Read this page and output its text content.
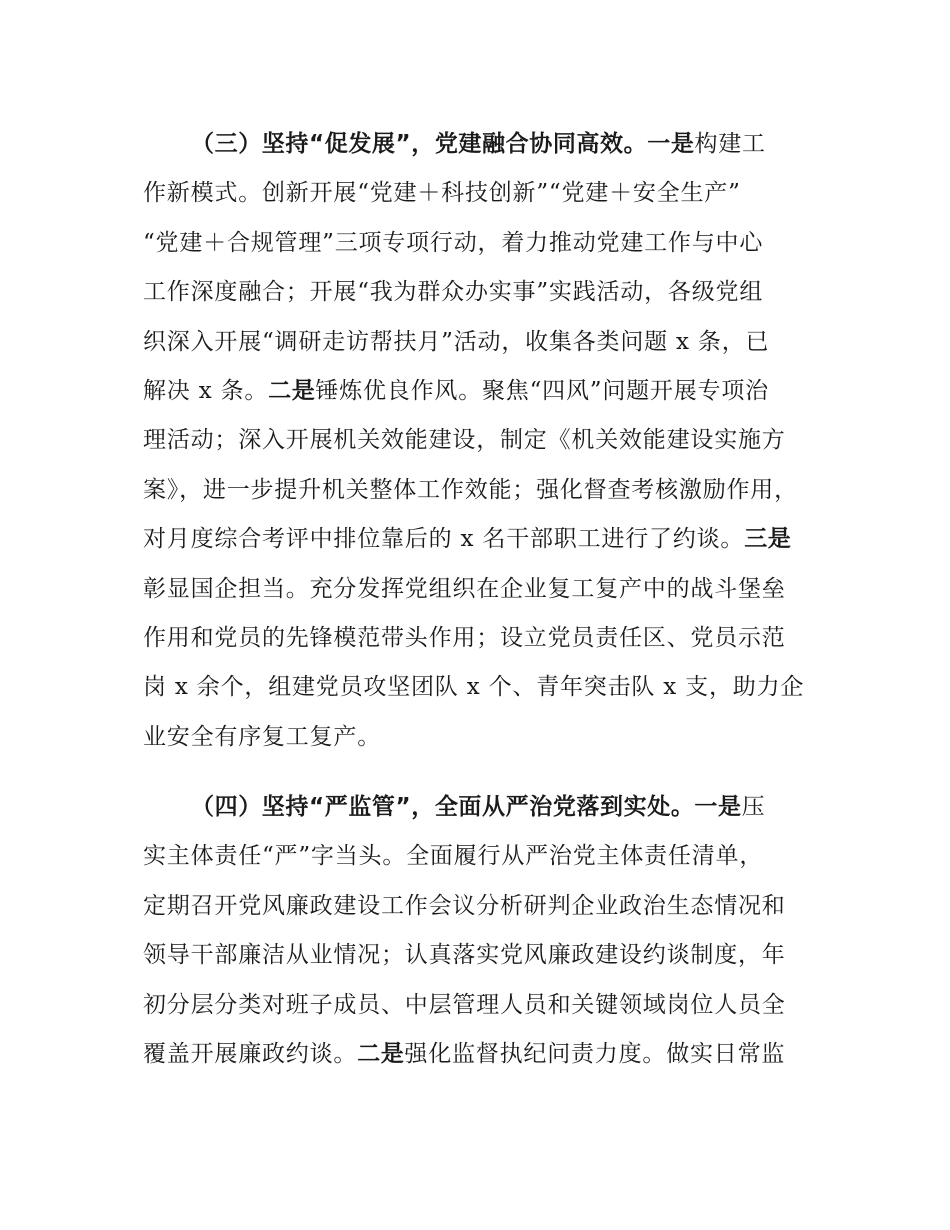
（三）坚持“促发展”，党建融合协同高效。一是构建工
作新模式。创新开展“党建＋科技创新”“党建＋安全生产”
“党建＋合规管理”三项专项行动，着力推动党建工作与中心
工作深度融合；开展“我为群众办实事”实践活动，各级党组
织深入开展“调研走访帮扶月”活动，收集各类问题 x 条，已
解决 x 条。二是锤炼优良作风。聚焦“四风”问题开展专项治
理活动；深入开展机关效能建设，制定《机关效能建设实施方
案》，进一步提升机关整体工作效能；强化督查考核激励作用，
对月度综合考评中排位靠后的 x 名干部职工进行了约谈。三是
彰显国企担当。充分发挥党组织在企业复工复产中的战斗堡垒
作用和党员的先锋模范带头作用；设立党员责任区、党员示范
岗 x 余个，组建党员攻坚团队 x 个、青年突击队 x 支，助力企
业安全有序复工复产。

（四）坚持“严监管”，全面从严治党落到实处。一是压
实主体责任“严”字当头。全面履行从严治党主体责任清单，
定期召开党风廉政建设工作会议分析研判企业政治生态情况和
领导干部廉洁从业情况；认真落实党风廉政建设约谈制度，年
初分层分类对班子成员、中层管理人员和关键领域岗位人员全
覆盖开展廉政约谈。二是强化监督执纪问责力度。做实日常监
